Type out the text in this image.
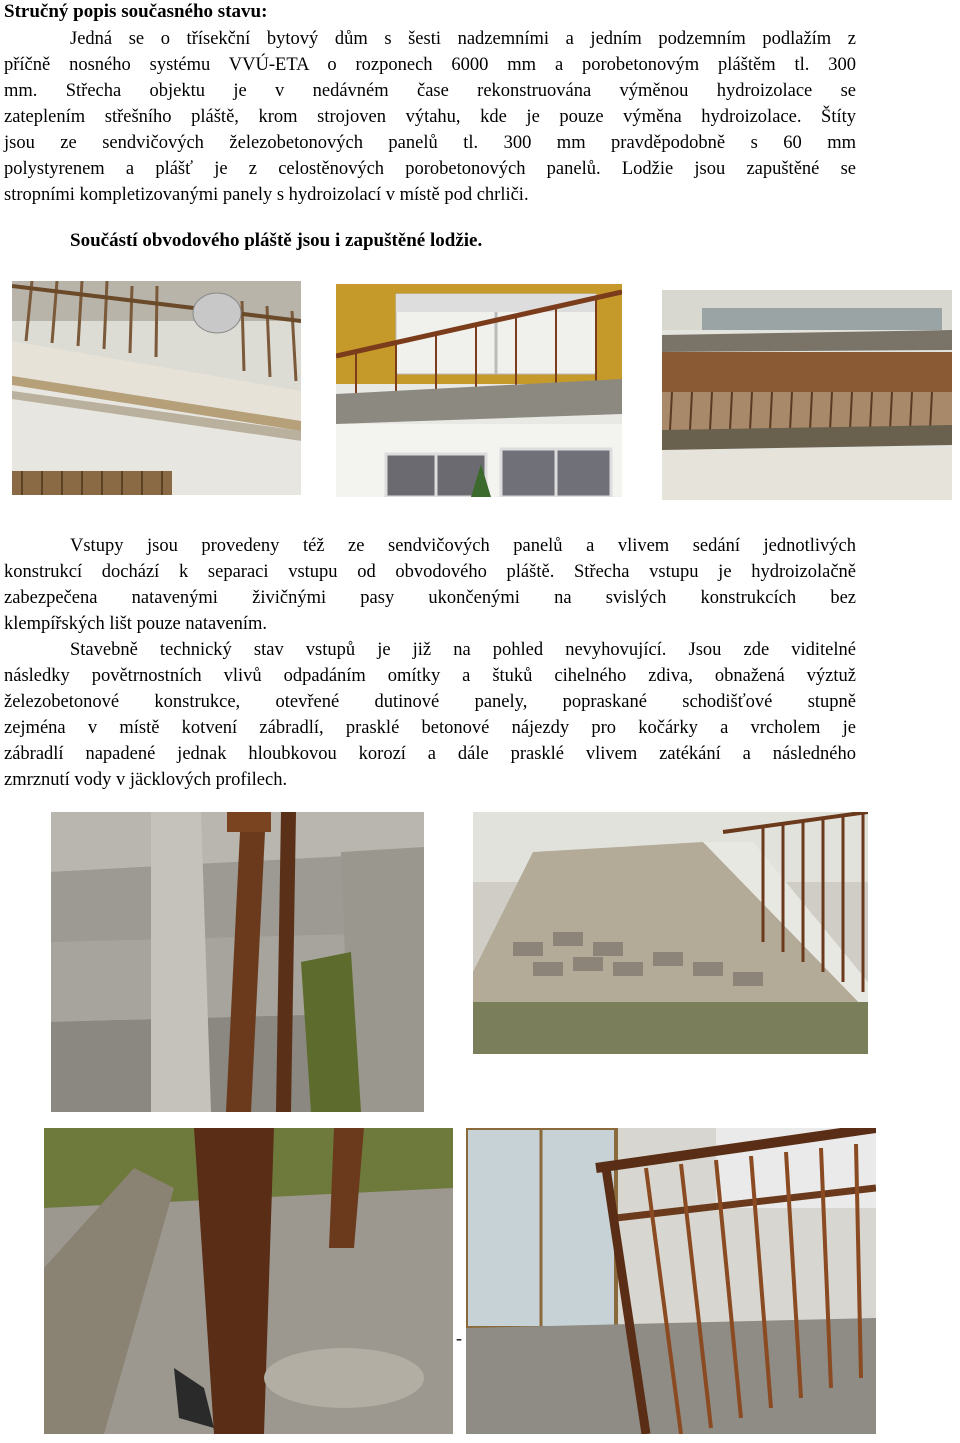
Stručný popis současného stavu:

Jedná se o třísekční bytový dům s šesti nadzemními a jedním podzemním podlažím z
příčně nosného systému VVÚ-ETA o rozponech 6000 mm a porobetonovým pláštěm tl. 300
mm. Střecha objektu je v nedávném čase rekonstruována výměnou hydroizolace se
zateplením střešního pláště, krom strojoven výtahu, kde je pouze výměna hydroizolace. Štíty
jsou ze sendvičových železobetonových panelů tl. 300 mm pravděpodobně s 60 mm
polystyrenem a plášť je z celostěnových porobetonových panelů. Lodžie jsou zapuštěné se
stropními kompletizovanými panely s hydroizolací v místě pod chrliči.

Součástí obvodového pláště jsou i zapuštěné lodžie.

Vstupy jsou provedeny též ze sendvičových panelů a vlivem sedání jednotlivých
konstrukcí dochází k separaci vstupu od obvodového pláště. Střecha vstupu je hydroizolačně
zabezpečena natavenými živičnými pasy ukončenými na svislých konstrukcích bez
klempířských lišt pouze natavením.
Stavebně technický stav vstupů je již na pohled nevyhovující. Jsou zde viditelné
následky povětrnostních vlivů odpadáním omítky a štuků cihelného zdiva, obnažená výztuž
železobetonové konstrukce, otevřené dutinové panely, popraskané schodišťové stupně
zejména v místě kotvení zábradlí, prasklé betonové nájezdy pro kočárky a vrcholem je
zábradlí napadené jednak hloubkovou korozí a dále prasklé vlivem zatékání a následného
zmrznutí vody v jäcklových profilech.

-
